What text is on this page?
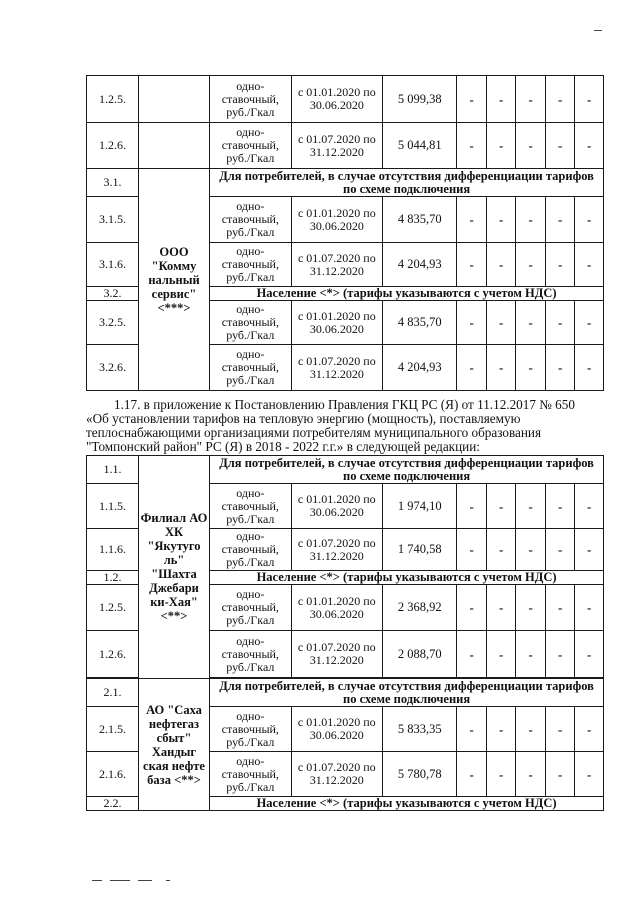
1.2.5.		одно-ставочный, руб./Гкал	с 01.01.2020 по 30.06.2020	5 099,38	-	-	-	-	-
1.2.6.		одно-ставочный, руб./Гкал	с 01.07.2020 по 31.12.2020	5 044,81	-	-	-	-	-
3.1.	ООО "Комму нальный сервис" <***>	Для потребителей, в случае отсутствия дифференциации тарифов по схеме подключения							
3.1.5.		одно-ставочный, руб./Гкал	с 01.01.2020 по 30.06.2020	4 835,70	-	-	-	-	-
3.1.6.		одно-ставочный, руб./Гкал	с 01.07.2020 по 31.12.2020	4 204,93	-	-	-	-	-
3.2.		Население <*> (тарифы указываются с учетом НДС)							
3.2.5.		одно-ставочный, руб./Гкал	с 01.01.2020 по 30.06.2020	4 835,70	-	-	-	-	-
3.2.6.		одно-ставочный, руб./Гкал	с 01.07.2020 по 31.12.2020	4 204,93	-	-	-	-	-

1.17. в приложение к Постановлению Правления ГКЦ РС (Я) от 11.12.2017 № 650

«Об установлении тарифов на тепловую энергию (мощность), поставляемую

теплоснабжающими организациями потребителям муниципального образования

"Томпонский район" РС (Я) в 2018 - 2022 г.г.» в следующей редакции:

1.1.	Филиал АО ХК "Якутуго ль" "Шахта Джебари ки-Хая" <**>	Для потребителей, в случае отсутствия дифференциации тарифов по схеме подключения							
1.1.5.		одно-ставочный, руб./Гкал	с 01.01.2020 по 30.06.2020	1 974,10	-	-	-	-	-
1.1.6.		одно-ставочный, руб./Гкал	с 01.07.2020 по 31.12.2020	1 740,58	-	-	-	-	-
1.2.		Население <*> (тарифы указываются с учетом НДС)							
1.2.5.		одно-ставочный, руб./Гкал	с 01.01.2020 по 30.06.2020	2 368,92	-	-	-	-	-
1.2.6.		одно-ставочный, руб./Гкал	с 01.07.2020 по 31.12.2020	2 088,70	-	-	-	-	-

2.1.	АО "Саха нефтегаз сбыт" Хандыг ская нефте база <**>	Для потребителей, в случае отсутствия дифференциации тарифов по схеме подключения							
2.1.5.		одно-ставочный, руб./Гкал	с 01.01.2020 по 30.06.2020	5 833,35	-	-	-	-	-
2.1.6.		одно-ставочный, руб./Гкал	с 01.07.2020 по 31.12.2020	5 780,78	-	-	-	-	-
2.2.		Население <*> (тарифы указываются с учетом НДС)							
